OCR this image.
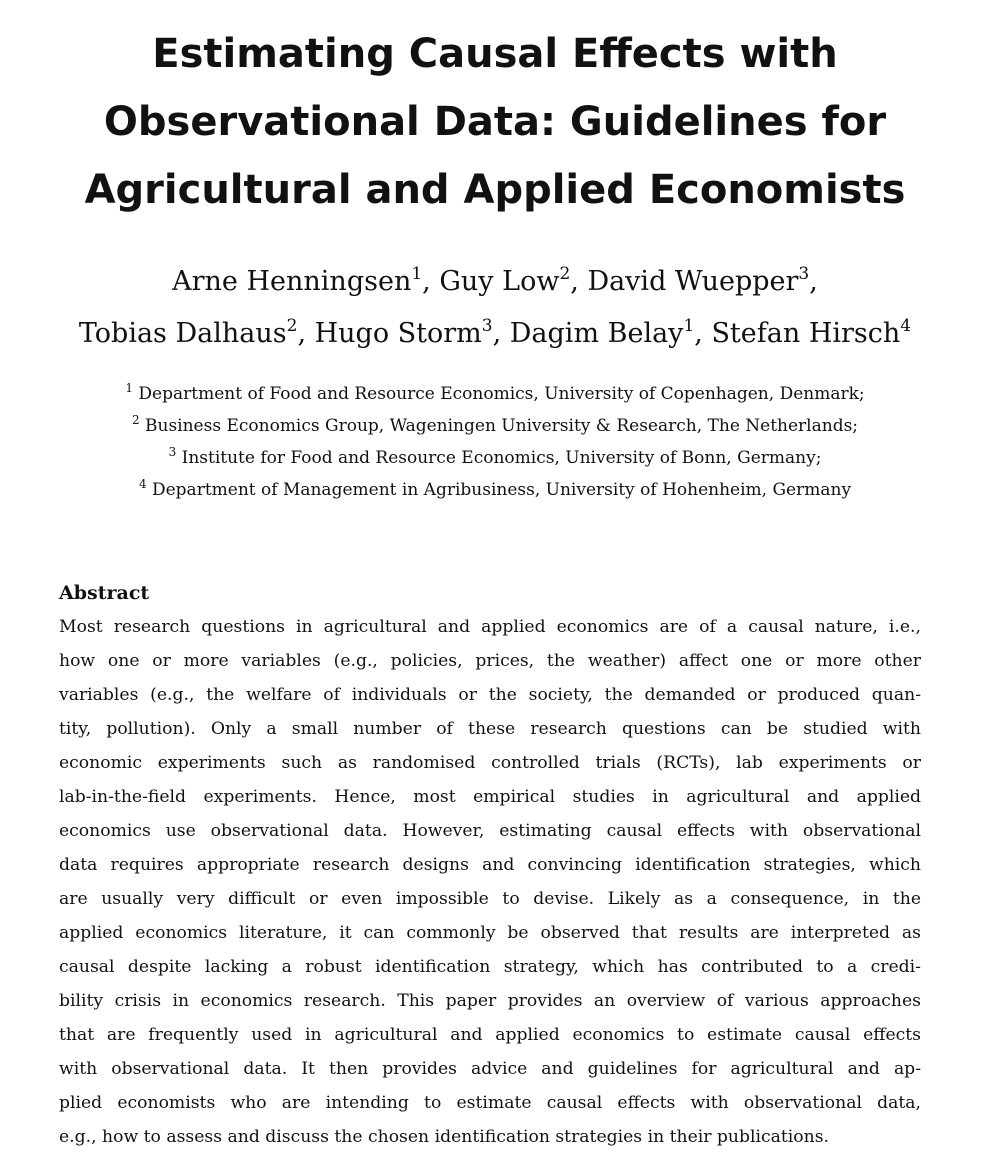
Estimating Causal Effects with
Observational Data: Guidelines for
Agricultural and Applied Economists
Arne Henningsen$^1$, Guy Low$^2$, David Wuepper$^3$,
Tobias Dalhaus$^2$, Hugo Storm$^3$, Dagim Belay$^1$, Stefan Hirsch$^4$
$^1$ Department of Food and Resource Economics, University of Copenhagen, Denmark;
$^2$ Business Economics Group, Wageningen University & Research, The Netherlands;
$^3$ Institute for Food and Resource Economics, University of Bonn, Germany;
$^4$ Department of Management in Agribusiness, University of Hohenheim, Germany
Abstract
Most research questions in agricultural and applied economics are of a causal nature, i.e.,
how one or more variables (e.g., policies, prices, the weather) affect one or more other
variables (e.g., the welfare of individuals or the society, the demanded or produced quan-
tity, pollution). Only a small number of these research questions can be studied with
economic experiments such as randomised controlled trials (RCTs), lab experiments or
lab-in-the-field experiments. Hence, most empirical studies in agricultural and applied
economics use observational data. However, estimating causal effects with observational
data requires appropriate research designs and convincing identification strategies, which
are usually very difficult or even impossible to devise. Likely as a consequence, in the
applied economics literature, it can commonly be observed that results are interpreted as
causal despite lacking a robust identification strategy, which has contributed to a credi-
bility crisis in economics research. This paper provides an overview of various approaches
that are frequently used in agricultural and applied economics to estimate causal effects
with observational data. It then provides advice and guidelines for agricultural and ap-
plied economists who are intending to estimate causal effects with observational data,
e.g., how to assess and discuss the chosen identification strategies in their publications.
